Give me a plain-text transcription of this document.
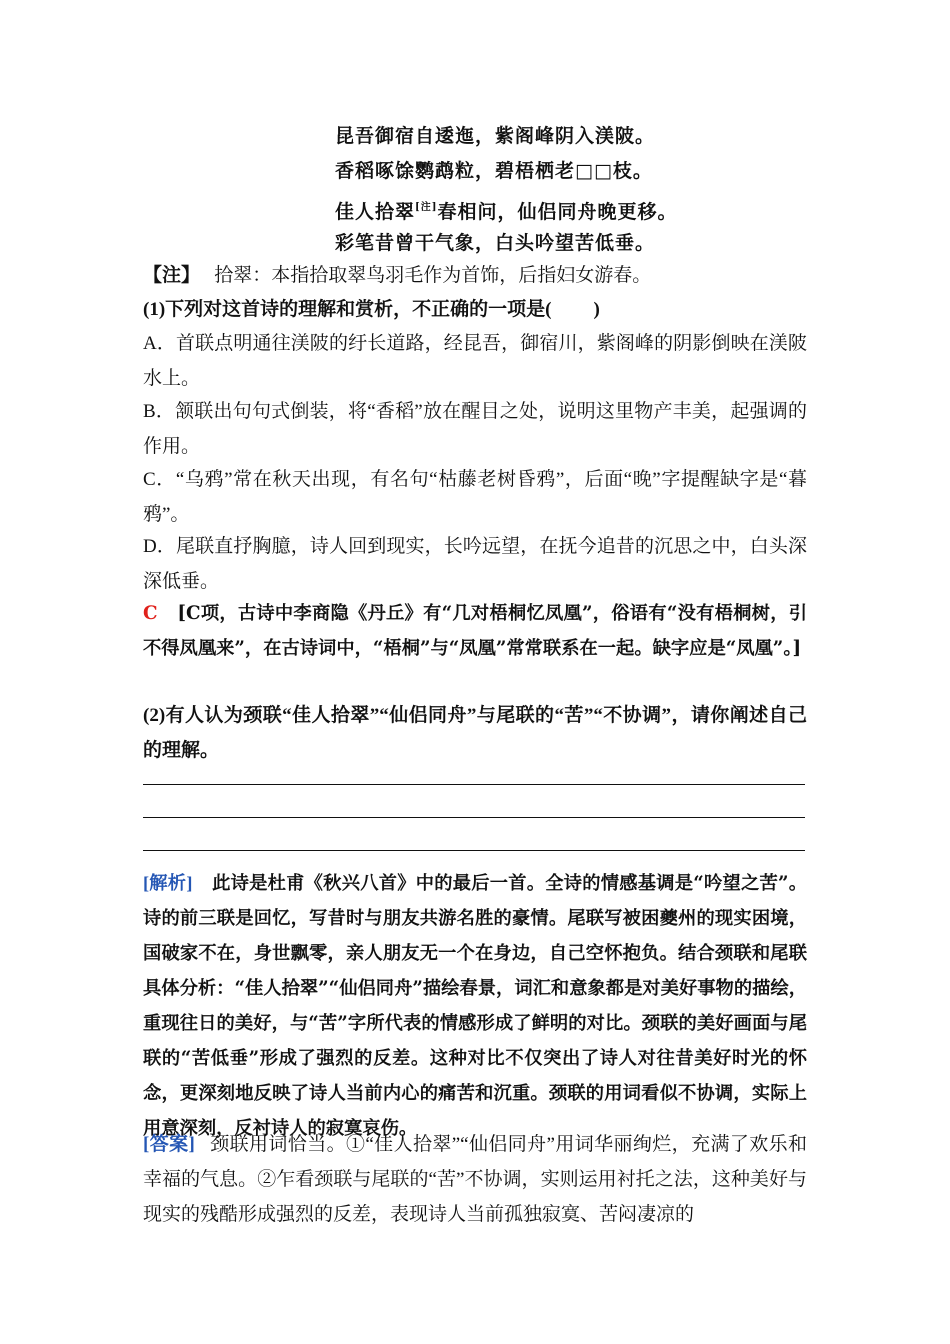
昆吾御宿自逶迤，紫阁峰阴入渼陂。
香稻啄馀鹦鹉粒，碧梧栖老□□枝。
佳人拾翠[注]春相问，仙侣同舟晚更移。
彩笔昔曾干气象，白头吟望苦低垂。
【注】 拾翠：本指拾取翠鸟羽毛作为首饰，后指妇女游春。
(1)下列对这首诗的理解和赏析，不正确的一项是( )
A．首联点明通往渼陂的纡长道路，经昆吾，御宿川，紫阁峰的阴影倒映在渼陂水上。
B．颔联出句句式倒装，将“香稻”放在醒目之处，说明这里物产丰美，起强调的作用。
C．“乌鸦”常在秋天出现，有名句“枯藤老树昏鸦”，后面“晚”字提醒缺字是“暮鸦”。
D．尾联直抒胸臆，诗人回到现实，长吟远望，在抚今追昔的沉思之中，白头深深低垂。
C [C项，古诗中李商隐《丹丘》有“几对梧桐忆凤凰”，俗语有“没有梧桐树，引不得凤凰来”，在古诗词中，“梧桐”与“凤凰”常常联系在一起。缺字应是“凤凰”。]
(2)有人认为颈联“佳人拾翠”“仙侣同舟”与尾联的“苦”“不协调”，请你阐述自己的理解。
[解析] 此诗是杜甫《秋兴八首》中的最后一首。全诗的情感基调是“吟望之苦”。诗的前三联是回忆，写昔时与朋友共游名胜的豪情。尾联写被困夔州的现实困境，国破家不在，身世飘零，亲人朋友无一个在身边，自己空怀抱负。结合颈联和尾联具体分析：“佳人拾翠”“仙侣同舟”描绘春景，词汇和意象都是对美好事物的描绘，重现往日的美好，与“苦”字所代表的情感形成了鲜明的对比。颈联的美好画面与尾联的“苦低垂”形成了强烈的反差。这种对比不仅突出了诗人对往昔美好时光的怀念，更深刻地反映了诗人当前内心的痛苦和沉重。颈联的用词看似不协调，实际上用意深刻，反衬诗人的寂寞哀伤。
[答案] 颈联用词恰当。①“佳人拾翠”“仙侣同舟”用词华丽绚烂，充满了欢乐和幸福的气息。②乍看颈联与尾联的“苦”不协调，实则运用衬托之法，这种美好与现实的残酷形成强烈的反差，表现诗人当前孤独寂寞、苦闷凄凉的
